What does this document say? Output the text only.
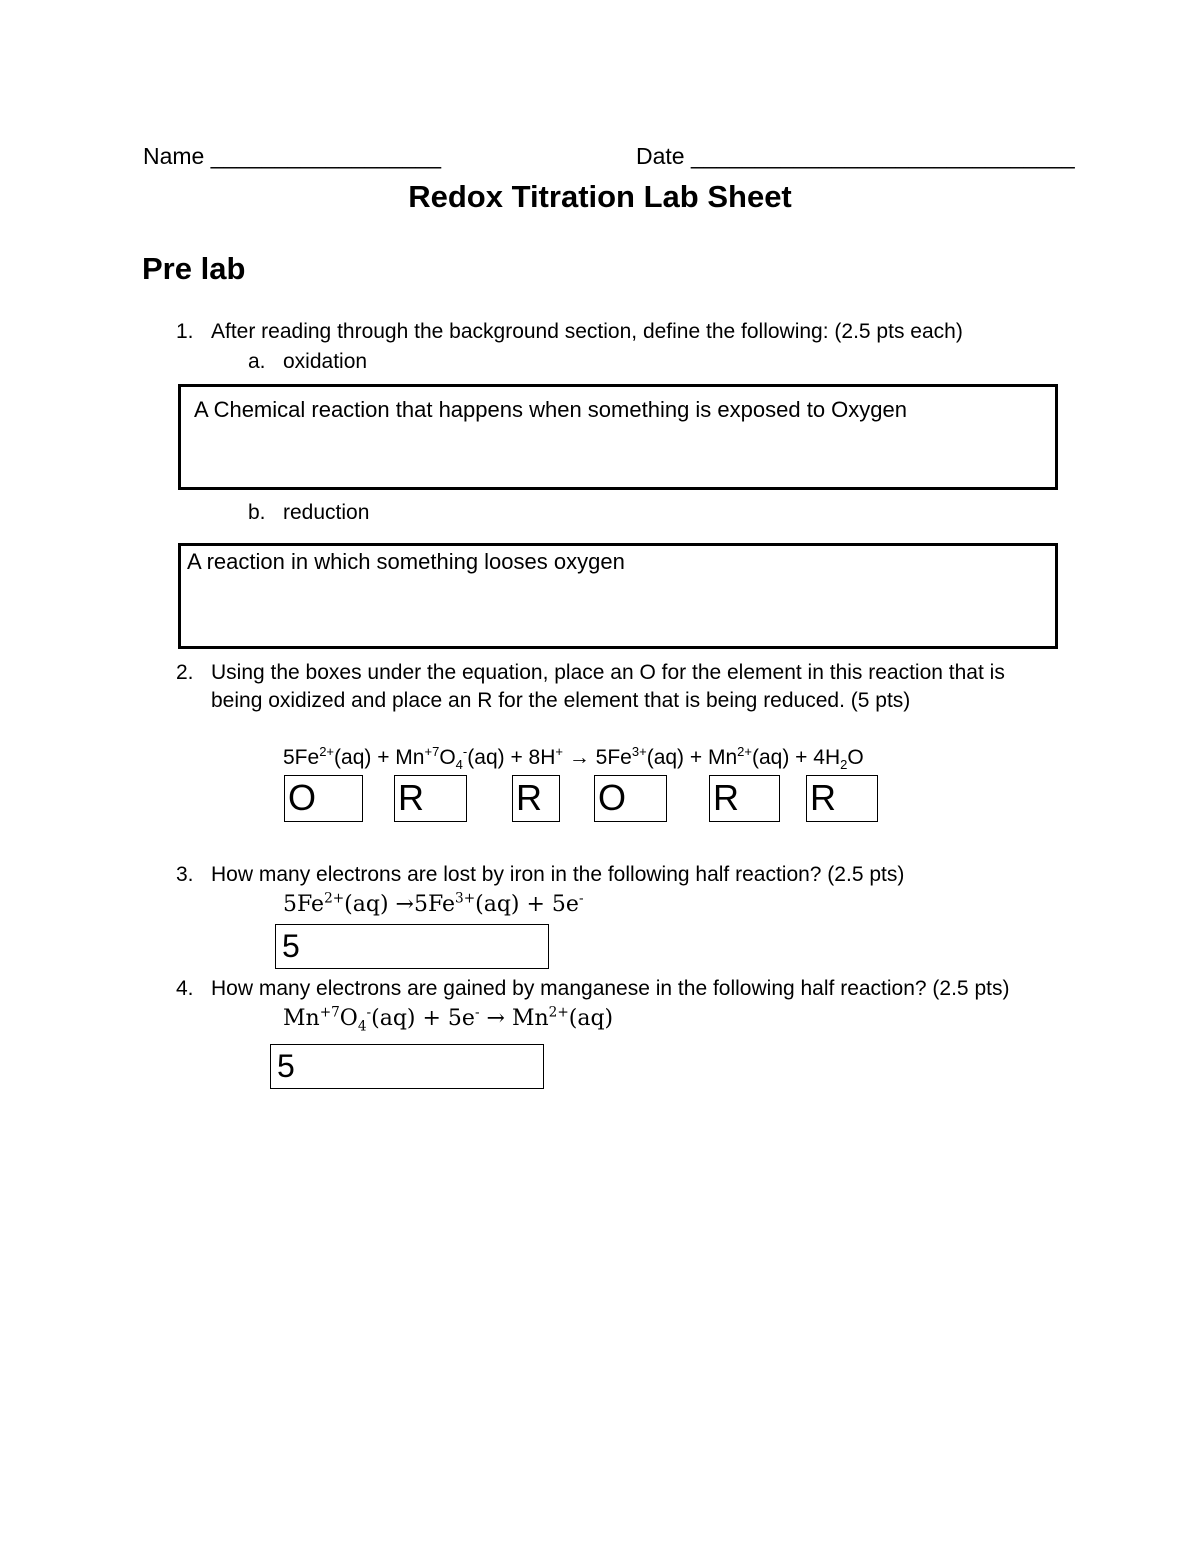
Name __________________	Date ______________________________
Redox Titration Lab Sheet
Pre lab
1. After reading through the background section, define the following: (2.5 pts each)
a. oxidation
A Chemical reaction that happens when something is exposed to Oxygen
b. reduction
A reaction in which something looses oxygen
2. Using the boxes under the equation, place an O for the element in this reaction that is
being oxidized and place an R for the element that is being reduced. (5 pts)
$5Fe^{2+}(aq) + Mn^{+7}O_4^-(aq) + 8H^+ \to 5Fe^{3+}(aq) + Mn^{2+}(aq) + 4H_2O$
O R	R O R R
3. How many electrons are lost by iron in the following half reaction? (2.5 pts)
$5Fe^{2+}(aq) \to 5Fe^{3+}(aq) + 5e^-$
5
4. How many electrons are gained by manganese in the following half reaction? (2.5 pts)
$Mn^{+7}O_4^-(aq) + 5e^- \to Mn^{2+}(aq)$
5
